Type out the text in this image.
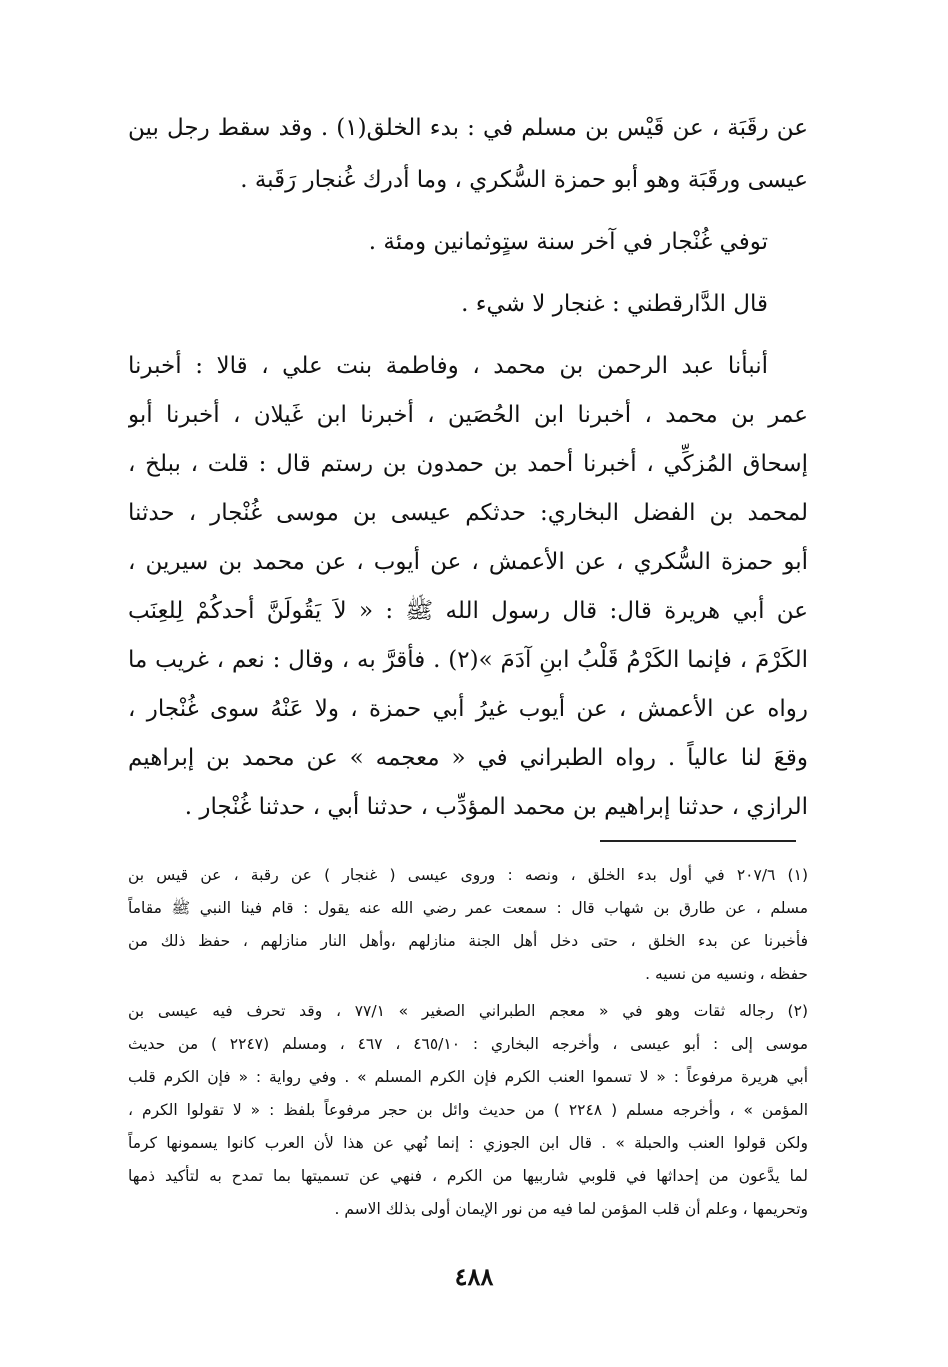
عن رقَبَة ، عن قَيْس بن مسلم في : بدء الخلق(١) . وقد سقط رجل بين
عيسى ورقَبَة وهو أبو حمزة السُّكري ، وما أدرك غُنجار رَقَبة .
توفي غُنْجار في آخر سنة ستٍوثمانين ومئة .
قال الدَّارقطني : غنجار لا شيء .
أنبأنا عبد الرحمن بن محمد ، وفاطمة بنت علي ، قالا : أخبرنا
عمر بن محمد ، أخبرنا ابن الحُصَين ، أخبرنا ابن غَيلان ، أخبرنا أبو
إسحاق المُزكِّي ، أخبرنا أحمد بن حمدون بن رستم قال : قلت ، ببلخ ،
لمحمد بن الفضل البخاري: حدثكم عيسى بن موسى غُنْجار ، حدثنا
أبو حمزة السُّكري ، عن الأعمش ، عن أيوب ، عن محمد بن سيرين ،
عن أبي هريرة قال: قال رسول الله ﷺ : « لاَ يَقُولَنَّ أحدكُمْ لِلعِنَب
الكَرْمَ ، فإنما الكَرْمُ قَلْبُ ابنِ آدَمَ »(٢) . فأقرَّ به ، وقال : نعم ، غريب ما
رواه عن الأعمش ، عن أيوب غيرُ أبي حمزة ، ولا عَنْهُ سوى غُنْجار ،
وقعَ لنا عالياً . رواه الطبراني في « معجمه » عن محمد بن إبراهيم
الرازي ، حدثنا إبراهيم بن محمد المؤدِّب ، حدثنا أبي ، حدثنا غُنْجار .
(١) ٢٠٧/٦ في أول بدء الخلق ، ونصه : وروى عيسى ( غنجار ) عن رقبة ، عن قيس بن
مسلم ، عن طارق بن شهاب قال : سمعت عمر رضي الله عنه يقول : قام فينا النبي ﷺ مقاماً
فأخبرنا عن بدء الخلق ، حتى دخل أهل الجنة منازلهم ،وأهل النار منازلهم ، حفظ ذلك من
حفظه ، ونسيه من نسيه .
(٢) رجاله ثقات وهو في « معجم الطبراني الصغير » ٧٧/١ ، وقد تحرف فيه عيسى بن
موسى إلى : أبو عيسى ، وأخرجه البخاري : ٤٦٥/١٠ ، ٤٦٧ ، ومسلم (٢٢٤٧ ) من حديث
أبي هريرة مرفوعاً : « لا تسموا العنب الكرم فإن الكرم المسلم » . وفي رواية : « فإن الكرم قلب
المؤمن » ، وأخرجه مسلم ( ٢٢٤٨ ) من حديث وائل بن حجر مرفوعاً بلفظ : « لا تقولوا الكرم ،
ولكن قولوا العنب والحبلة » . قال ابن الجوزي : إنما نُهي عن هذا لأن العرب كانوا يسمونها كرماً
لما يدَّعون من إحداثها في قلوبي شاربيها من الكرم ، فنهي عن تسميتها بما تمدح به لتأكيد ذمها
وتحريمها ، وعلم أن قلب المؤمن لما فيه من نور الإيمان أولى بذلك الاسم .
٤٨٨
